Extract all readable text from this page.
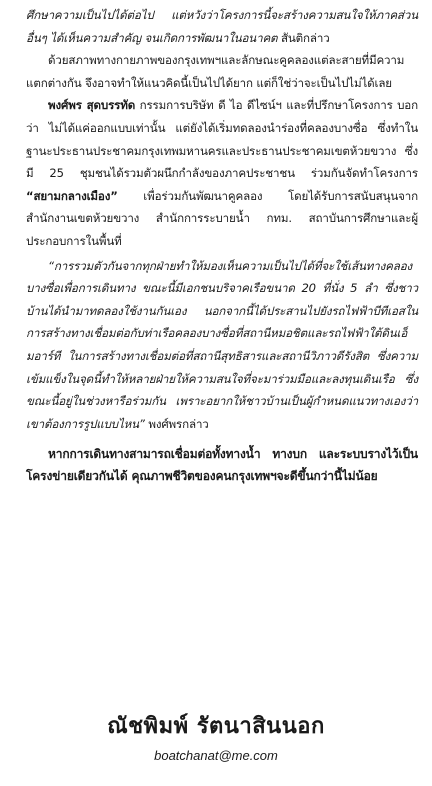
ศึกษาความเป็นไปได้ต่อไป แต่หวังว่าโครงการนี้จะสร้างความสนใจให้ภาคส่วนอื่นๆ ได้เห็นความสำคัญ จนเกิดการพัฒนาในอนาคต สันติกล่าว

ด้วยสภาพทางกายภาพของกรุงเทพฯและลักษณะคูคลองแต่ละสายที่มีความแตกต่างกัน จึงอาจทำให้แนวคิดนี้เป็นไปได้ยาก แต่ก็ใช่ว่าจะเป็นไปไม่ได้เลย

พงศ์พร สุดบรรทัด กรรมการบริษัท ดี ไอ ดีไซน์ฯ และที่ปรึกษาโครงการ บอกว่า ไม่ได้แค่ออกแบบเท่านั้น แต่ยังได้เริ่มทดลองนำร่องที่คลองบางซื่อ ซึ่งทำในฐานะประธานประชาคมกรุงเทพมหานครและประธานประชาคมเขตห้วยขวาง ซึ่งมี 25 ชุมชนได้รวมตัวผนึกกำลังของภาคประชาชน ร่วมกันจัดทำโครงการ “สยามกลางเมือง” เพื่อร่วมกันพัฒนาคูคลอง โดยได้รับการสนับสนุนจากสำนักงานเขตห้วยขวาง สำนักการระบายน้ำ กทม. สถาบันการศึกษาและผู้ประกอบการในพื้นที่

“การรวมตัวกันจากทุกฝ่ายทำให้มองเห็นความเป็นไปได้ที่จะใช้เส้นทางคลองบางซื่อเพื่อการเดินทาง ขณะนี้มีเอกชนบริจาคเรือขนาด 20 ที่นั่ง 5 ลำ ซึ่งชาวบ้านได้นำมาทดลองใช้งานกันเอง นอกจากนี้ได้ประสานไปยังรถไฟฟ้าบีทีเอสในการสร้างทางเชื่อมต่อกับท่าเรือคลองบางซื่อที่สถานีหมอชิตและรถไฟฟ้าใต้ดินเอ็มอาร์ที ในการสร้างทางเชื่อมต่อที่สถานีสุทธิสารและสถานีวิภาวดีรังสิต ซึ่งความเข้มแข็งในจุดนี้ทำให้หลายฝ่ายให้ความสนใจที่จะมาร่วมมือและลงทุนเดินเรือ ซึ่งขณะนี้อยู่ในช่วงหารือร่วมกัน เพราะอยากให้ชาวบ้านเป็นผู้กำหนดแนวทางเองว่าเขาต้องการรูปแบบไหน” พงศ์พรกล่าว

หากการเดินทางสามารถเชื่อมต่อทั้งทางน้ำ ทางบก และระบบรางไว้เป็นโครงข่ายเดียวกันได้ คุณภาพชีวิตของคนกรุงเทพฯจะดีขึ้นกว่านี้ไม่น้อย

ณัชพิมพ์ รัตนาสินนอก
boatchanat@me.com
